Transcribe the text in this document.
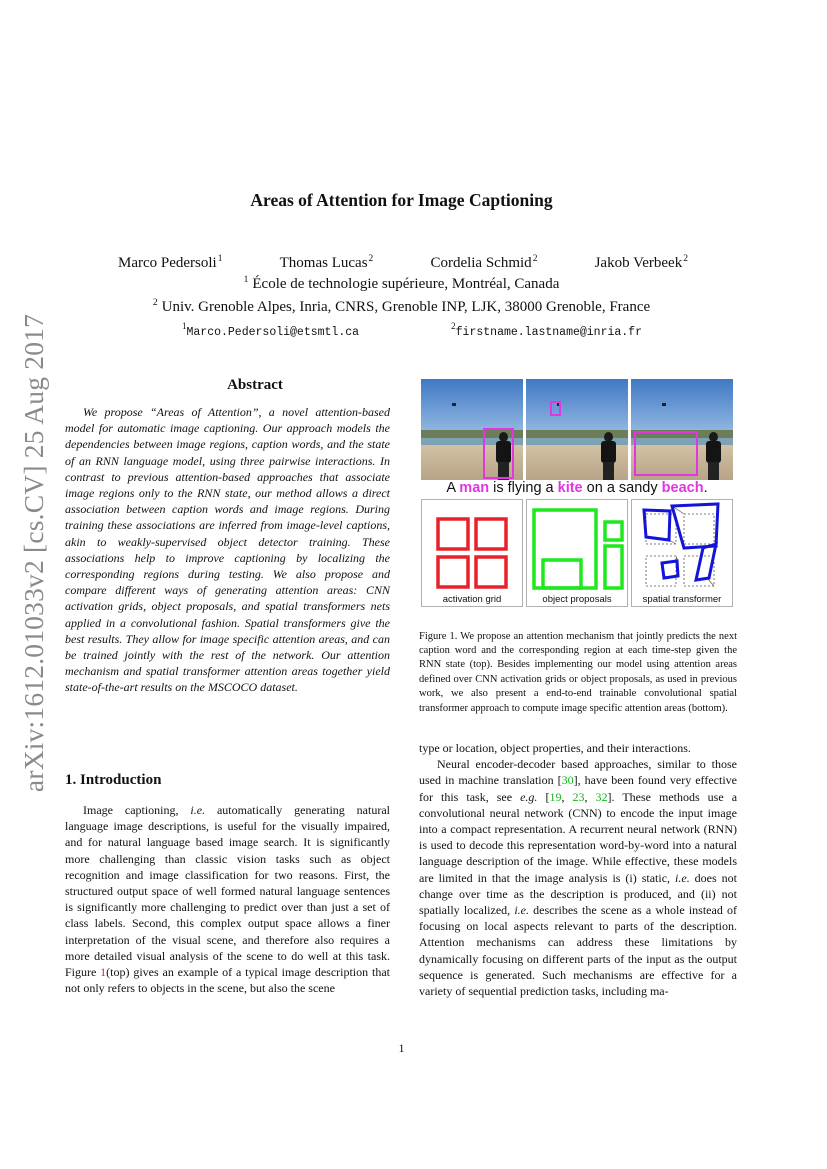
arXiv:1612.01033v2 [cs.CV] 25 Aug 2017
Areas of Attention for Image Captioning
Marco Pedersoli$^1$	Thomas Lucas$^2$	Cordelia Schmid$^2$	Jakob Verbeek$^2$
$^1$ École de technologie supérieure, Montréal, Canada
$^2$ Univ. Grenoble Alpes, Inria, CNRS, Grenoble INP, LJK, 38000 Grenoble, France
$^1$Marco.Pedersoli@etsmtl.ca	$^2$firstname.lastname@inria.fr
Abstract

We propose “Areas of Attention”, a novel attention-based model for automatic image captioning. Our approach models the dependencies between image regions, caption words, and the state of an RNN language model, using three pairwise interactions. In contrast to previous attention-based approaches that associate image regions only to the RNN state, our method allows a direct association between caption words and image regions. During training these associations are inferred from image-level captions, akin to weakly-supervised object detector training. These associations help to improve captioning by localizing the corresponding regions during testing. We also propose and compare different ways of generating attention areas: CNN activation grids, object proposals, and spatial transformers nets applied in a convolutional fashion. Spatial transformers give the best results. They allow for image specific attention areas, and can be trained jointly with the rest of the network. Our attention mechanism and spatial transformer attention areas together yield state-of-the-art results on the MSCOCO dataset.

1. Introduction

Image captioning, i.e. automatically generating natural language image descriptions, is useful for the visually impaired, and for natural language based image search. It is significantly more challenging than classic vision tasks such as object recognition and image classification for two reasons. First, the structured output space of well formed natural language sentences is significantly more challenging to predict over than just a set of class labels. Second, this complex output space allows a finer interpretation of the visual scene, and therefore also requires a more detailed visual analysis of the scene to do well at this task. Figure 1(top) gives an example of a typical image description that not only refers to objects in the scene, but also the scene

A man is flying a kite on a sandy beach.
activation grid	object proposals	spatial transformer

Figure 1. We propose an attention mechanism that jointly predicts the next caption word and the corresponding region at each time-step given the RNN state (top). Besides implementing our model using attention areas defined over CNN activation grids or object proposals, as used in previous work, we also present a end-to-end trainable convolutional spatial transformer approach to compute image specific attention areas (bottom).

type or location, object properties, and their interactions.

Neural encoder-decoder based approaches, similar to those used in machine translation [30], have been found very effective for this task, see e.g. [19, 23, 32]. These methods use a convolutional neural network (CNN) to encode the input image into a compact representation. A recurrent neural network (RNN) is used to decode this representation word-by-word into a natural language description of the image. While effective, these models are limited in that the image analysis is (i) static, i.e. does not change over time as the description is produced, and (ii) not spatially localized, i.e. describes the scene as a whole instead of focusing on local aspects relevant to parts of the description. Attention mechanisms can address these limitations by dynamically focusing on different parts of the input as the output sequence is generated. Such mechanisms are effective for a variety of sequential prediction tasks, including ma-

1
